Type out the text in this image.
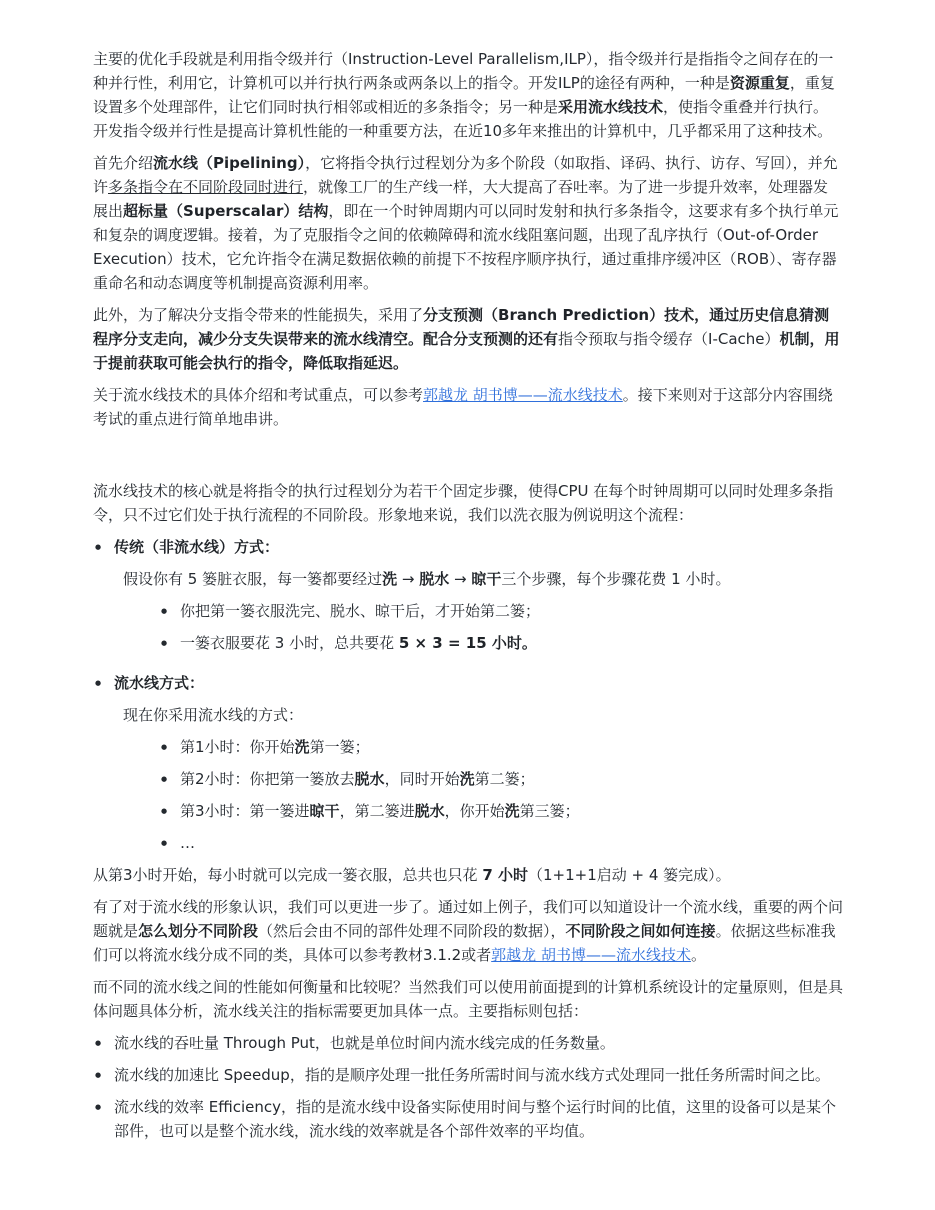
主要的优化手段就是利用指令级并行（Instruction-Level Parallelism,ILP），指令级并行是指指令之间存在的一种并行性，利用它，计算机可以并行执行两条或两条以上的指令。开发ILP的途径有两种，一种是资源重复，重复设置多个处理部件，让它们同时执行相邻或相近的多条指令；另一种是采用流水线技术，使指令重叠并行执行。开发指令级并行性是提高计算机性能的一种重要方法，在近10多年来推出的计算机中，几乎都采用了这种技术。

首先介绍流水线（Pipelining），它将指令执行过程划分为多个阶段（如取指、译码、执行、访存、写回），并允许多条指令在不同阶段同时进行，就像工厂的生产线一样，大大提高了吞吐率。为了进一步提升效率，处理器发展出超标量（Superscalar）结构，即在一个时钟周期内可以同时发射和执行多条指令，这要求有多个执行单元和复杂的调度逻辑。接着，为了克服指令之间的依赖障碍和流水线阻塞问题，出现了乱序执行（Out-of-Order Execution）技术，它允许指令在满足数据依赖的前提下不按程序顺序执行，通过重排序缓冲区（ROB）、寄存器重命名和动态调度等机制提高资源利用率。

此外，为了解决分支指令带来的性能损失，采用了分支预测（Branch Prediction）技术，通过历史信息猜测程序分支走向，减少分支失误带来的流水线清空。配合分支预测的还有指令预取与指令缓存（I-Cache）机制，用于提前获取可能会执行的指令，降低取指延迟。

关于流水线技术的具体介绍和考试重点，可以参考郭越龙 胡书博——流水线技术。接下来则对于这部分内容围绕考试的重点进行简单地串讲。

流水线技术的核心就是将指令的执行过程划分为若干个固定步骤，使得CPU 在每个时钟周期可以同时处理多条指令，只不过它们处于执行流程的不同阶段。形象地来说，我们以洗衣服为例说明这个流程：

● 传统（非流水线）方式：
假设你有 5 篓脏衣服，每一篓都要经过洗 → 脱水 → 晾干三个步骤，每个步骤花费 1 小时。
● 你把第一篓衣服洗完、脱水、晾干后，才开始第二篓；
● 一篓衣服要花 3 小时，总共要花 5 × 3 = 15 小时。
● 流水线方式：
现在你采用流水线的方式：
● 第1小时：你开始洗第一篓；
● 第2小时：你把第一篓放去脱水，同时开始洗第二篓；
● 第3小时：第一篓进晾干，第二篓进脱水，你开始洗第三篓；
● …

从第3小时开始，每小时就可以完成一篓衣服，总共也只花 7 小时（1+1+1启动 + 4 篓完成）。

有了对于流水线的形象认识，我们可以更进一步了。通过如上例子，我们可以知道设计一个流水线，重要的两个问题就是怎么划分不同阶段（然后会由不同的部件处理不同阶段的数据），不同阶段之间如何连接。依据这些标准我们可以将流水线分成不同的类，具体可以参考教材3.1.2或者郭越龙 胡书博——流水线技术。

而不同的流水线之间的性能如何衡量和比较呢？当然我们可以使用前面提到的计算机系统设计的定量原则，但是具体问题具体分析，流水线关注的指标需要更加具体一点。主要指标则包括：

● 流水线的吞吐量 Through Put，也就是单位时间内流水线完成的任务数量。
● 流水线的加速比 Speedup，指的是顺序处理一批任务所需时间与流水线方式处理同一批任务所需时间之比。
● 流水线的效率 Efficiency，指的是流水线中设备实际使用时间与整个运行时间的比值，这里的设备可以是某个部件，也可以是整个流水线，流水线的效率就是各个部件效率的平均值。
